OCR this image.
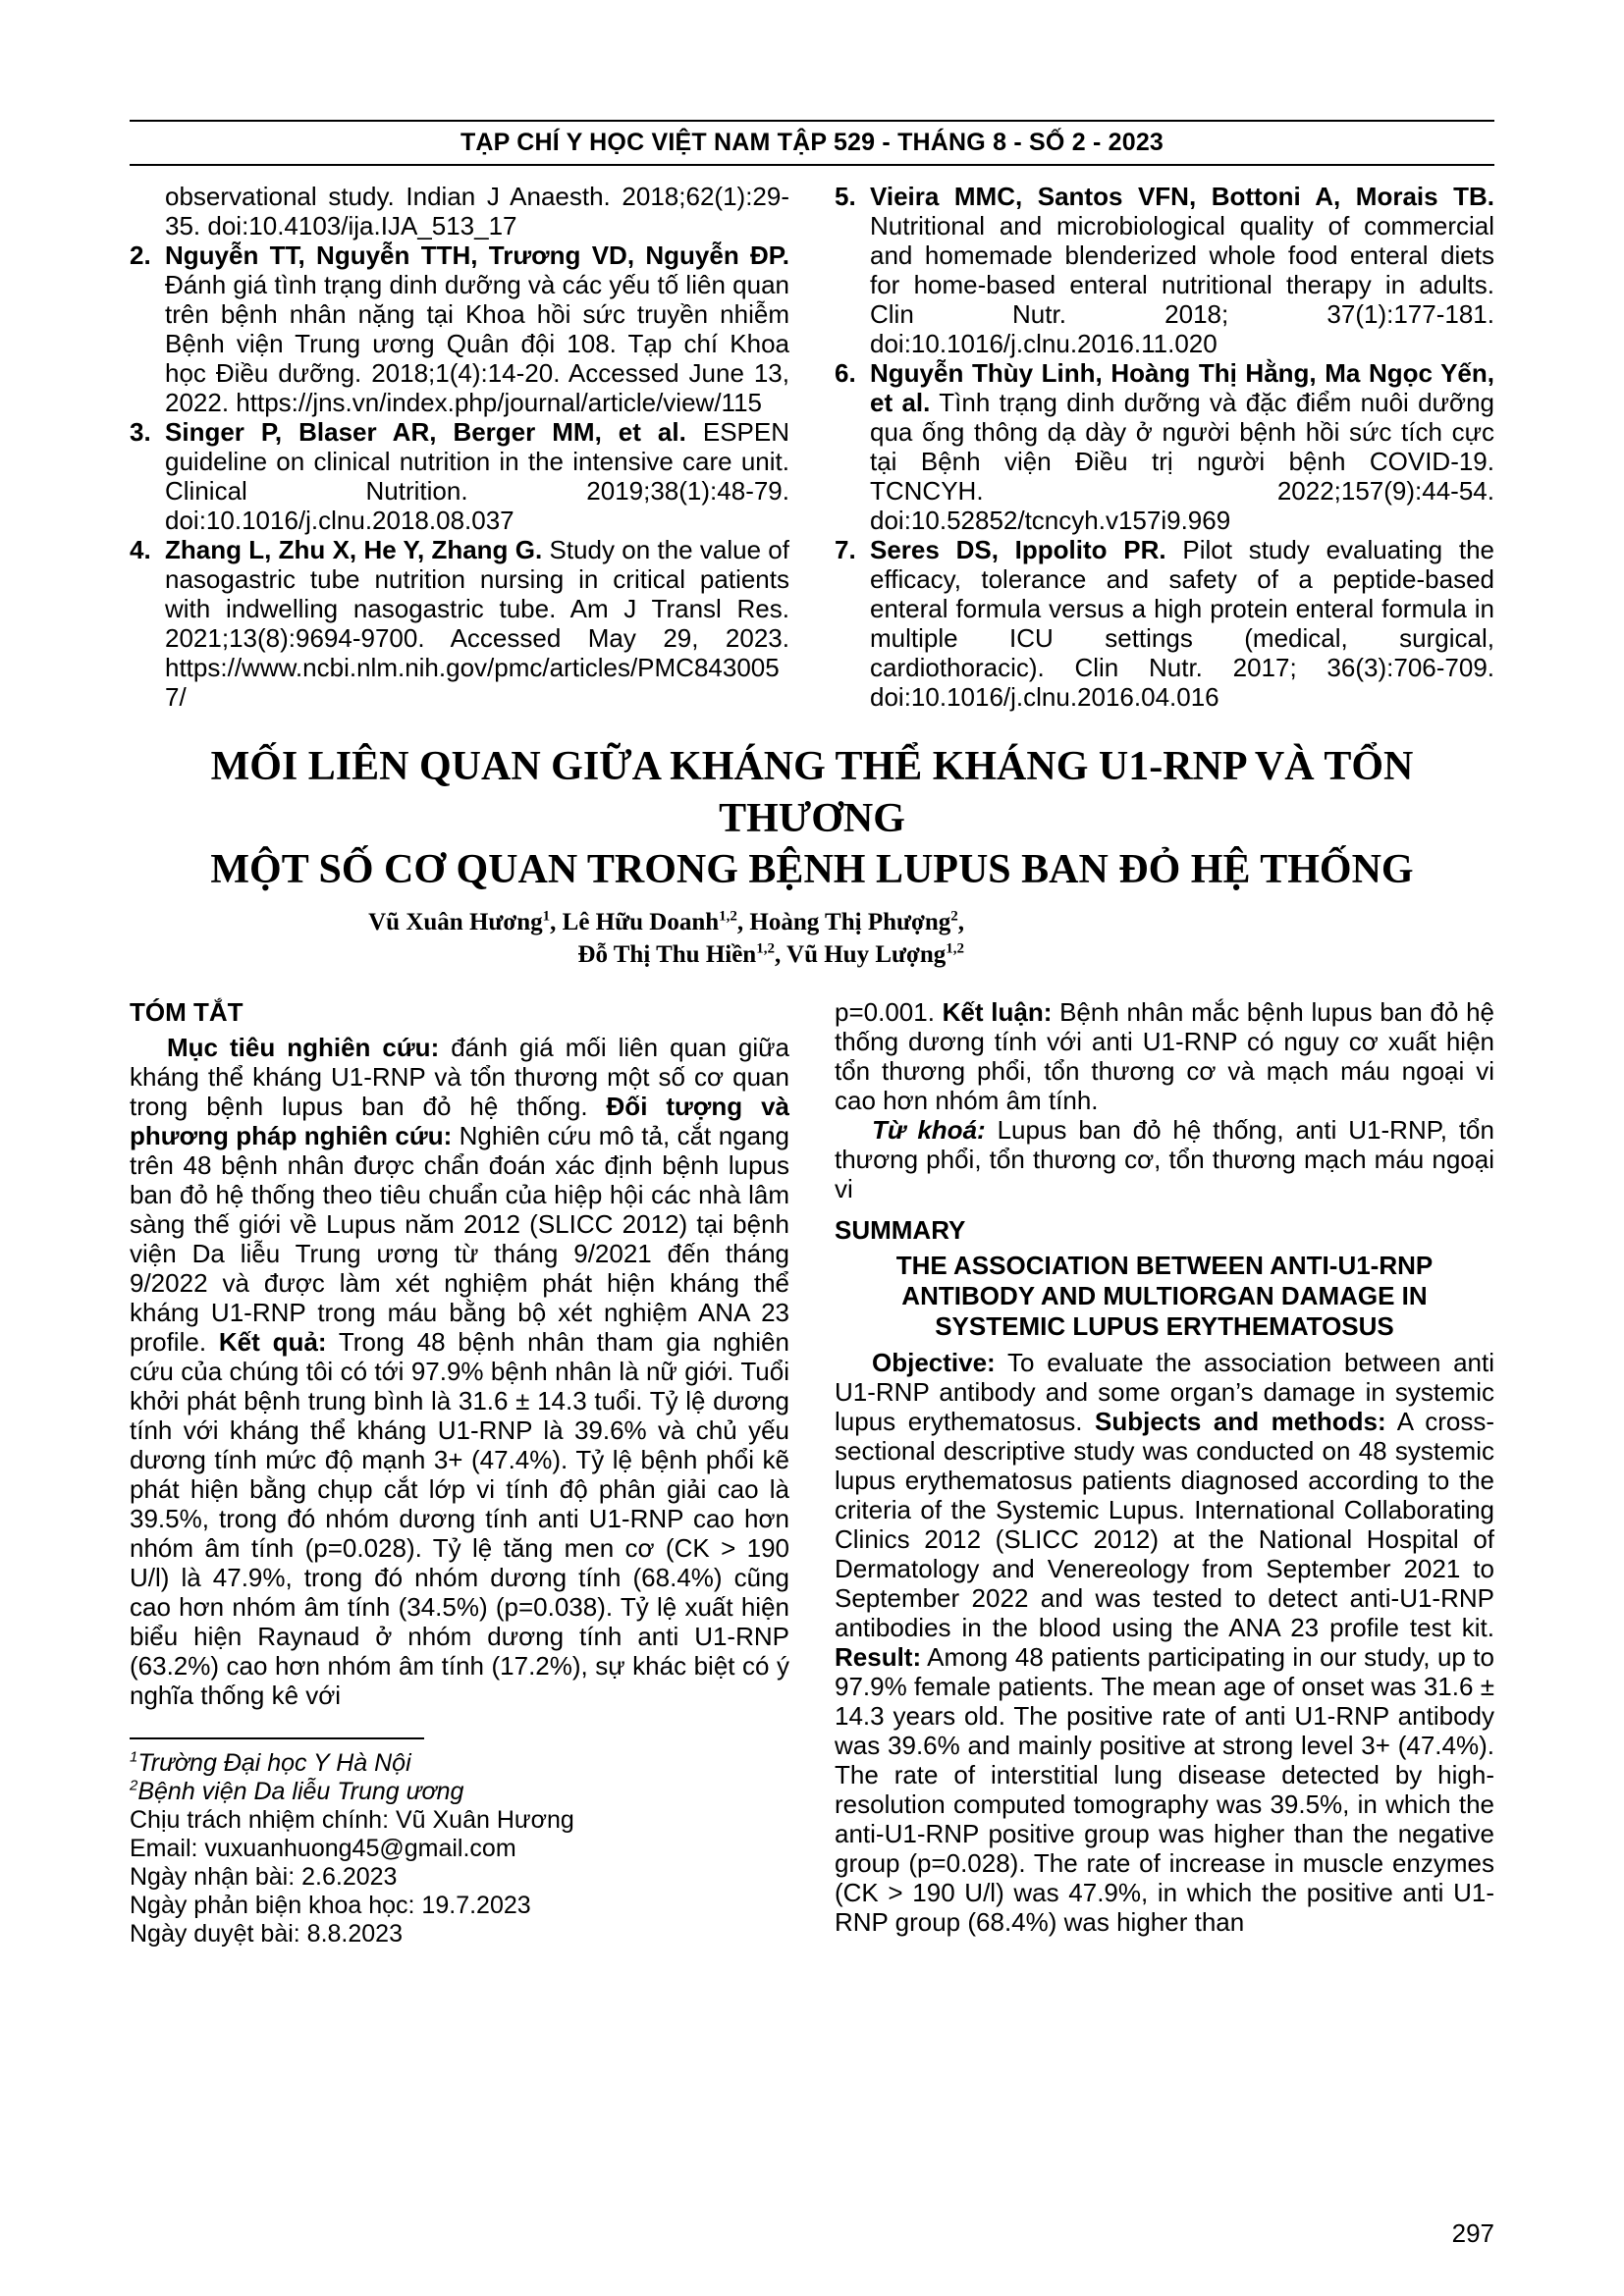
TẠP CHÍ Y HỌC VIỆT NAM TẬP 529 - THÁNG 8 - SỐ 2 - 2023
observational study. Indian J Anaesth. 2018;62(1):29-35. doi:10.4103/ija.IJA_513_17
2. Nguyễn TT, Nguyễn TTH, Trương VD, Nguyễn ĐP. Đánh giá tình trạng dinh dưỡng và các yếu tố liên quan trên bệnh nhân nặng tại Khoa hồi sức truyền nhiễm Bệnh viện Trung ương Quân đội 108. Tạp chí Khoa học Điều dưỡng. 2018;1(4):14-20. Accessed June 13, 2022. https://jns.vn/index.php/journal/article/view/115
3. Singer P, Blaser AR, Berger MM, et al. ESPEN guideline on clinical nutrition in the intensive care unit. Clinical Nutrition. 2019;38(1):48-79. doi:10.1016/j.clnu.2018.08.037
4. Zhang L, Zhu X, He Y, Zhang G. Study on the value of nasogastric tube nutrition nursing in critical patients with indwelling nasogastric tube. Am J Transl Res. 2021;13(8):9694-9700. Accessed May 29, 2023. https://www.ncbi.nlm.nih.gov/pmc/articles/PMC8430057/
5. Vieira MMC, Santos VFN, Bottoni A, Morais TB. Nutritional and microbiological quality of commercial and homemade blenderized whole food enteral diets for home-based enteral nutritional therapy in adults. Clin Nutr. 2018; 37(1):177-181. doi:10.1016/j.clnu.2016.11.020
6. Nguyễn Thùy Linh, Hoàng Thị Hằng, Ma Ngọc Yến, et al. Tình trạng dinh dưỡng và đặc điểm nuôi dưỡng qua ống thông dạ dày ở người bệnh hồi sức tích cực tại Bệnh viện Điều trị người bệnh COVID-19. TCNCYH. 2022;157(9):44-54. doi:10.52852/tcncyh.v157i9.969
7. Seres DS, Ippolito PR. Pilot study evaluating the efficacy, tolerance and safety of a peptide-based enteral formula versus a high protein enteral formula in multiple ICU settings (medical, surgical, cardiothoracic). Clin Nutr. 2017; 36(3):706-709. doi:10.1016/j.clnu.2016.04.016
MỐI LIÊN QUAN GIỮA KHÁNG THỂ KHÁNG U1-RNP VÀ TỔN THƯƠNG
MỘT SỐ CƠ QUAN TRONG BỆNH LUPUS BAN ĐỎ HỆ THỐNG
Vũ Xuân Hương$^1$, Lê Hữu Doanh$^{1,2}$, Hoàng Thị Phượng$^2$,
Đỗ Thị Thu Hiền$^{1,2}$, Vũ Huy Lượng$^{1,2}$
TÓM TẮT

Mục tiêu nghiên cứu: đánh giá mối liên quan giữa kháng thể kháng U1-RNP và tổn thương một số cơ quan trong bệnh lupus ban đỏ hệ thống. Đối tượng và phương pháp nghiên cứu: Nghiên cứu mô tả, cắt ngang trên 48 bệnh nhân được chẩn đoán xác định bệnh lupus ban đỏ hệ thống theo tiêu chuẩn của hiệp hội các nhà lâm sàng thế giới về Lupus năm 2012 (SLICC 2012) tại bệnh viện Da liễu Trung ương từ tháng 9/2021 đến tháng 9/2022 và được làm xét nghiệm phát hiện kháng thể kháng U1-RNP trong máu bằng bộ xét nghiệm ANA 23 profile. Kết quả: Trong 48 bệnh nhân tham gia nghiên cứu của chúng tôi có tới 97.9% bệnh nhân là nữ giới. Tuổi khởi phát bệnh trung bình là 31.6 ± 14.3 tuổi. Tỷ lệ dương tính với kháng thể kháng U1-RNP là 39.6% và chủ yếu dương tính mức độ mạnh 3+ (47.4%). Tỷ lệ bệnh phổi kẽ phát hiện bằng chụp cắt lớp vi tính độ phân giải cao là 39.5%, trong đó nhóm dương tính anti U1-RNP cao hơn nhóm âm tính (p=0.028). Tỷ lệ tăng men cơ (CK > 190 U/l) là 47.9%, trong đó nhóm dương tính (68.4%) cũng cao hơn nhóm âm tính (34.5%) (p=0.038). Tỷ lệ xuất hiện biểu hiện Raynaud ở nhóm dương tính anti U1-RNP (63.2%) cao hơn nhóm âm tính (17.2%), sự khác biệt có ý nghĩa thống kê với

$^1$Trường Đại học Y Hà Nội
$^2$Bệnh viện Da liễu Trung ương
Chịu trách nhiệm chính: Vũ Xuân Hương
Email: vuxuanhuong45@gmail.com
Ngày nhận bài: 2.6.2023
Ngày phản biện khoa học: 19.7.2023
Ngày duyệt bài: 8.8.2023

p=0.001. Kết luận: Bệnh nhân mắc bệnh lupus ban đỏ hệ thống dương tính với anti U1-RNP có nguy cơ xuất hiện tổn thương phổi, tổn thương cơ và mạch máu ngoại vi cao hơn nhóm âm tính.

Từ khoá: Lupus ban đỏ hệ thống, anti U1-RNP, tổn thương phổi, tổn thương cơ, tổn thương mạch máu ngoại vi

SUMMARY
THE ASSOCIATION BETWEEN ANTI-U1-RNP
ANTIBODY AND MULTIORGAN DAMAGE IN
SYSTEMIC LUPUS ERYTHEMATOSUS

Objective: To evaluate the association between anti U1-RNP antibody and some organ’s damage in systemic lupus erythematosus. Subjects and methods: A cross-sectional descriptive study was conducted on 48 systemic lupus erythematosus patients diagnosed according to the criteria of the Systemic Lupus. International Collaborating Clinics 2012 (SLICC 2012) at the National Hospital of Dermatology and Venereology from September 2021 to September 2022 and was tested to detect anti-U1-RNP antibodies in the blood using the ANA 23 profile test kit. Result: Among 48 patients participating in our study, up to 97.9% female patients. The mean age of onset was 31.6 ± 14.3 years old. The positive rate of anti U1-RNP antibody was 39.6% and mainly positive at strong level 3+ (47.4%). The rate of interstitial lung disease detected by high-resolution computed tomography was 39.5%, in which the anti-U1-RNP positive group was higher than the negative group (p=0.028). The rate of increase in muscle enzymes (CK > 190 U/l) was 47.9%, in which the positive anti U1-RNP group (68.4%) was higher than

297
